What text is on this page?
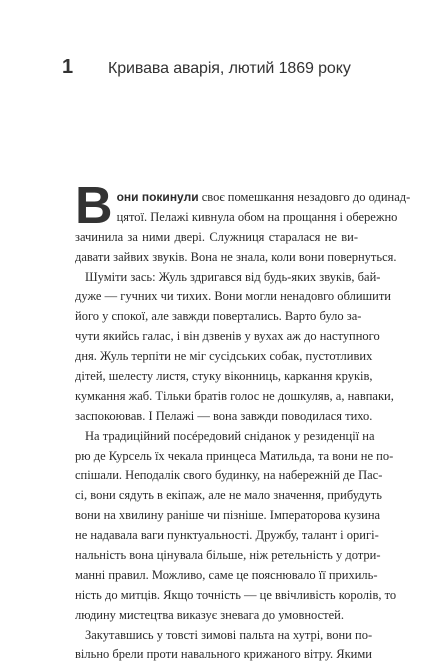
1	Кривава аварія, лютий 1869 року
В они покинули своє помешкання незадовго до одинад-
цятої. Пелажі кивнула обом на прощання і обережно
зачинила за ними двері. Служниця старалася не ви-
давати зайвих звуків. Вона не знала, коли вони повернуться.
Шуміти зась: Жуль здригався від будь-яких звуків, бай-
дуже — гучних чи тихих. Вони могли ненадовго облишити
його у спокої, але завжди повертались. Варто було за-
чути якийсь галас, і він дзвенів у вухах аж до наступного
дня. Жуль терпіти не міг сусідських собак, пустотливих
дітей, шелесту листя, стуку віконниць, каркання круків,
кумкання жаб. Тільки братів голос не дошкуляв, а, навпаки,
заспокоював. І Пелажі — вона завжди поводилася тихо.
На традиційний посéредовий сніданок у резиденції на
рю де Курсель їх чекала принцеса Матильда, та вони не по-
спішали. Неподалік свого будинку, на набережній де Пас-
сі, вони сядуть в екіпаж, але не мало значення, прибудуть
вони на хвилину раніше чи пізніше. Імператорова кузина
не надавала ваги пунктуальності. Дружбу, талант і оригі-
нальність вона цінувала більше, ніж ретельність у дотри-
манні правил. Можливо, саме це пояснювало її прихиль-
ність до митців. Якщо точність — це ввічливість королів, то
людину мистецтва виказує зневага до умовностей.
Закутавшись у товсті зимові пальта на хутрі, вони по-
вільно брели проти навального крижаного вітру. Якими
